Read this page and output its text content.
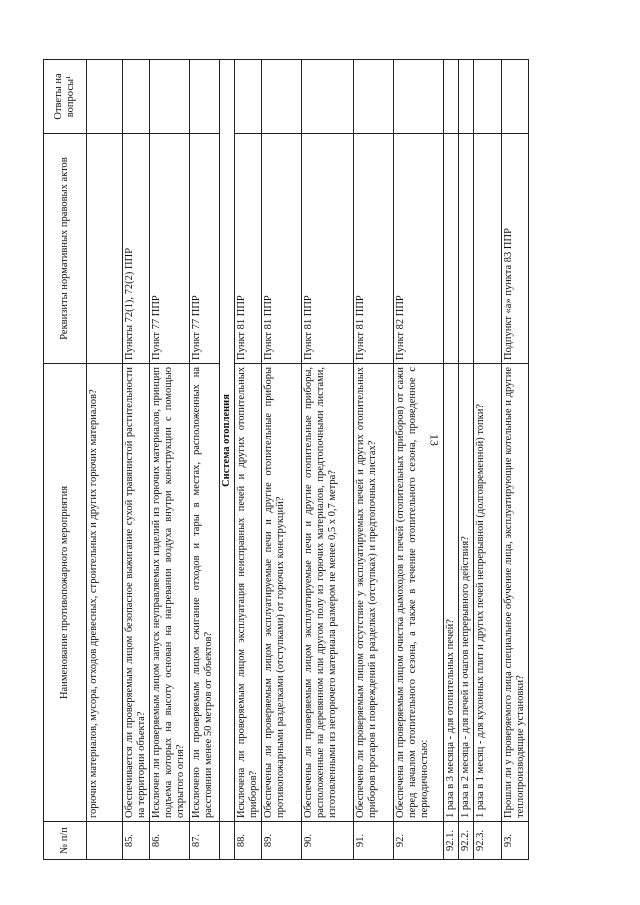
13
№ п/п	Наименование противопожарного мероприятия	Реквизиты нормативных правовых актов	Ответы на вопросы¹
	горючих материалов, мусора, отходов древесных, строительных и других горючих материалов?		
85.	Обеспечивается ли проверяемым лицом безопасное выжигание сухой травянистой растительности на территории объекта?	Пункты 72(1), 72(2) ППР	
86.	Исключен ли проверяемым лицом запуск неуправляемых изделий из горючих материалов, принцип подъема которых на высоту основан на нагревании воздуха внутри конструкции с помощью открытого огня?	Пункт 77 ППР	
87.	Исключено ли проверяемым лицом сжигание отходов и тары в местах, расположенных на расстоянии менее 50 метров от объектов?	Пункт 77 ППР	
	Система отопления		
88.	Исключена ли проверяемым лицом эксплуатация неисправных печей и других отопительных приборов?	Пункт 81 ППР	
89.	Обеспечены ли проверяемым лицом эксплуатируемые печи и другие отопительные приборы противопожарными разделками (отступками) от горючих конструкций?	Пункт 81 ППР	
90.	Обеспечены ли проверяемым лицом эксплуатируемые печи и другие отопительные приборы, расположенные на деревянном или другом полу из горючих материалов, предтопочными листами, изготовленными из негорючего материала размером не менее 0,5 х 0,7 метра?	Пункт 81 ППР	
91.	Обеспечено ли проверяемым лицом отсутствие у эксплуатируемых печей и других отопительных приборов прогаров и повреждений в разделках (отступках) и предтопочных листах?	Пункт 81 ППР	
92.	Обеспечена ли проверяемым лицом очистка дымоходов и печей (отопительных приборов) от сажи перед началом отопительного сезона, а также в течение отопительного сезона, проведенное с периодичностью:	Пункт 82 ППР	
92.1.	1 раза в 3 месяца - для отопительных печей?		
92.2.	1 раза в 2 месяца - для печей и очагов непрерывного действия?		
92.3.	1 раза в 1 месяц - для кухонных плит и других печей непрерывной (долговременной) топки?		
93.	Прошли ли у проверяемого лица специальное обучение лица, эксплуатирующие котельные и другие теплопроизводящие установки?	Подпункт «а» пункта 83 ППР	
